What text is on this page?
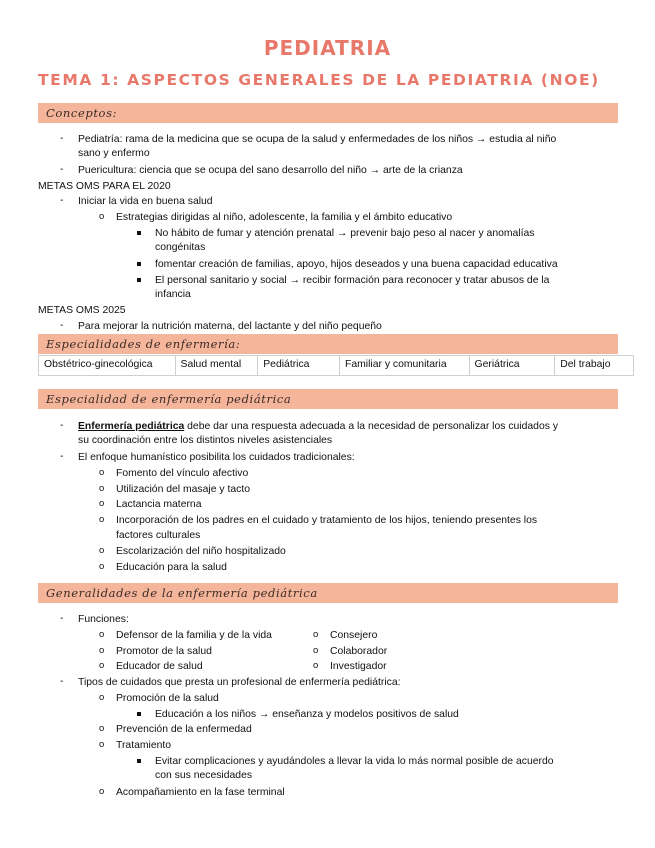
PEDIATRIA
TEMA 1: ASPECTOS GENERALES DE LA PEDIATRIA (NOE)
Conceptos:
- Pediatría: rama de la medicina que se ocupa de la salud y enfermedades de los niños → estudia al niño
sano y enfermo
- Puericultura: ciencia que se ocupa del sano desarrollo del niño → arte de la crianza
METAS OMS PARA EL 2020
- Iniciar la vida en buena salud
o Estrategias dirigidas al niño, adolescente, la familia y el ámbito educativo
No hábito de fumar y atención prenatal → prevenir bajo peso al nacer y anomalías
congénitas
fomentar creación de familias, apoyo, hijos deseados y una buena capacidad educativa
El personal sanitario y social → recibir formación para reconocer y tratar abusos de la
infancia
METAS OMS 2025
- Para mejorar la nutrición materna, del lactante y del niño pequeño
Especialidades de enfermería:
Obstétrico-ginecológica	Salud mental	Pediátrica	Familiar y comunitaria	Geriátrica	Del trabajo
Especialidad de enfermería pediátrica
- Enfermería pediátrica debe dar una respuesta adecuada a la necesidad de personalizar los cuidados y
su coordinación entre los distintos niveles asistenciales
- El enfoque humanístico posibilita los cuidados tradicionales:
o Fomento del vínculo afectivo
o Utilización del masaje y tacto
o Lactancia materna
o Incorporación de los padres en el cuidado y tratamiento de los hijos, teniendo presentes los
factores culturales
o Escolarización del niño hospitalizado
o Educación para la salud
Generalidades de la enfermería pediátrica
- Funciones:
o Defensor de la familia y de la vida
o Promotor de la salud
o Educador de salud
o Consejero
o Colaborador
o Investigador
- Tipos de cuidados que presta un profesional de enfermería pediátrica:
o Promoción de la salud
Educación a los niños → enseñanza y modelos positivos de salud
o Prevención de la enfermedad
o Tratamiento
Evitar complicaciones y ayudándoles a llevar la vida lo más normal posible de acuerdo
con sus necesidades
o Acompañamiento en la fase terminal
